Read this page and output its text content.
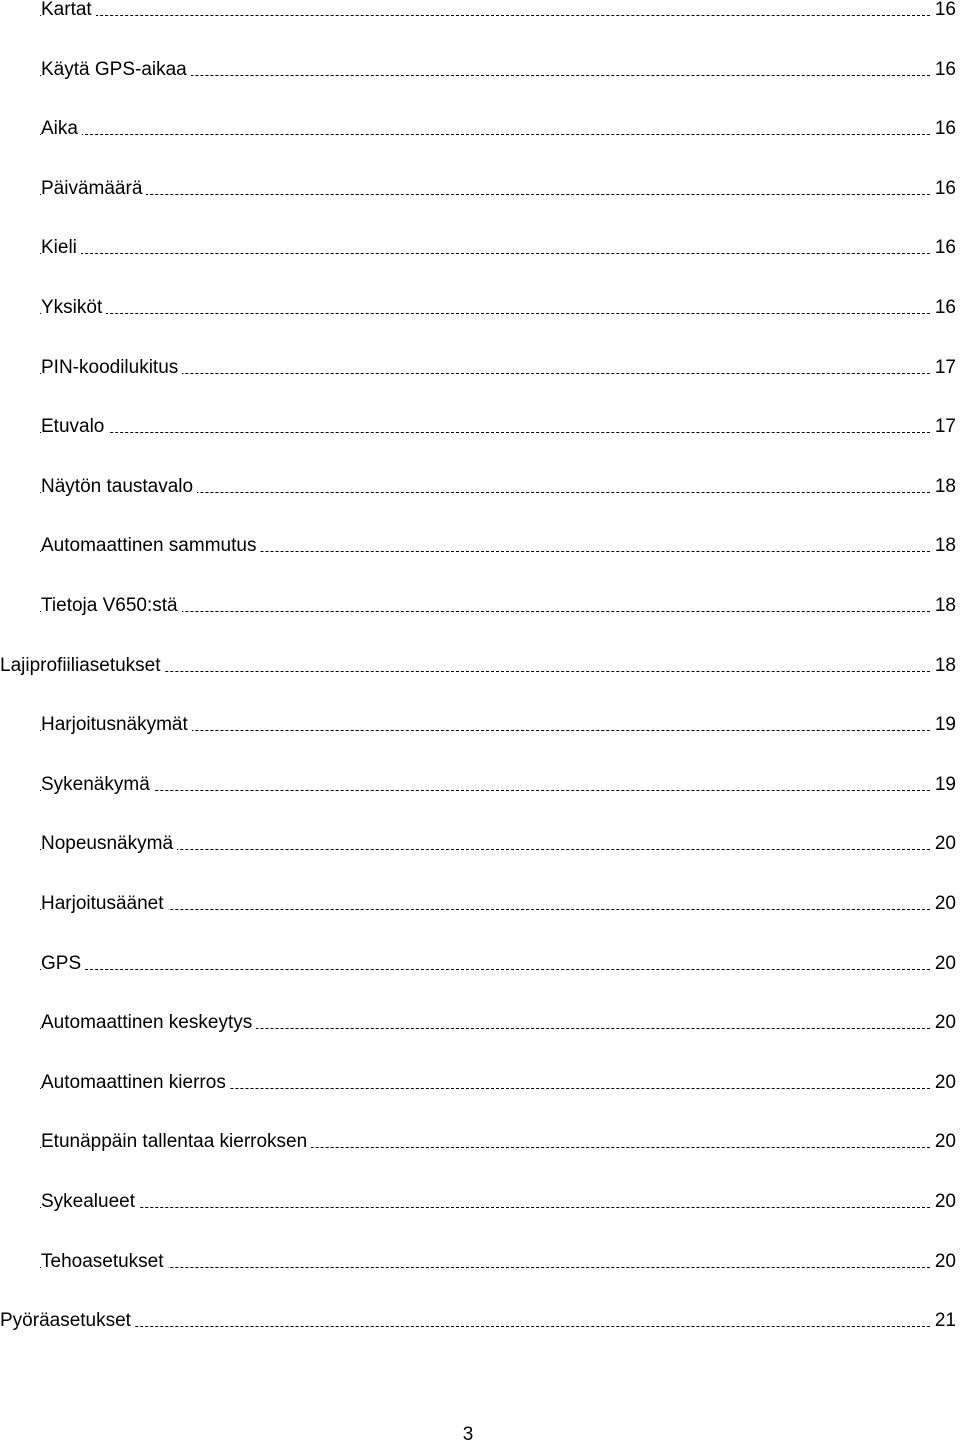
Kartat	16
Käytä GPS-aikaa	16
Aika	16
Päivämäärä	16
Kieli	16
Yksiköt	16
PIN-koodilukitus	17
Etuvalo	17
Näytön taustavalo	18
Automaattinen sammutus	18
Tietoja V650:stä	18
Lajiprofiiliasetukset	18
Harjoitusnäkymät	19
Sykenäkymä	19
Nopeusnäkymä	20
Harjoitusäänet	20
GPS	20
Automaattinen keskeytys	20
Automaattinen kierros	20
Etunäppäin tallentaa kierroksen	20
Sykealueet	20
Tehoasetukset	20
Pyöräasetukset	21
3
